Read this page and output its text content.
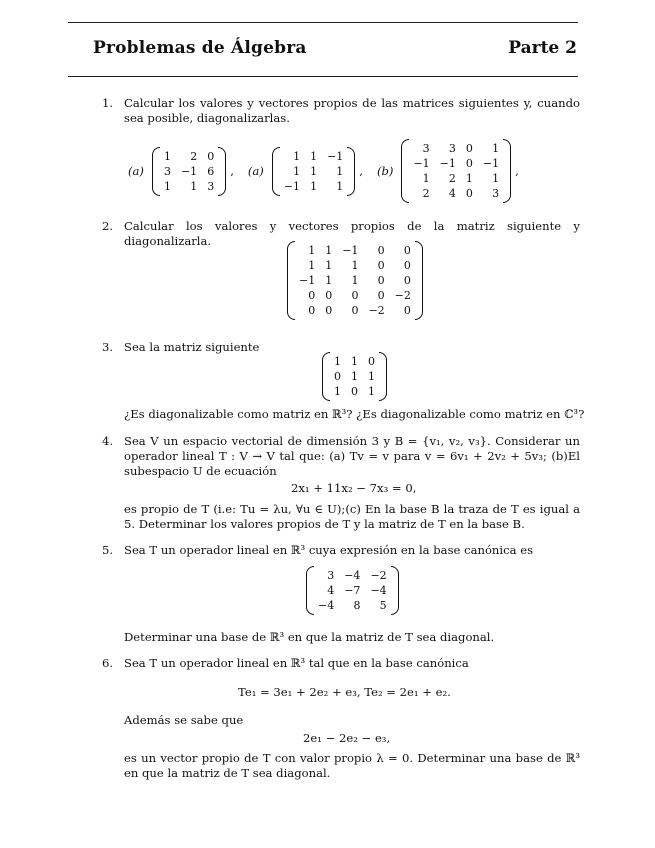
Problemas de Álgebra	Parte 2
1. Calcular los valores y vectores propios de las matrices siguientes y, cuando sea posible, diagonalizarlas.
(a)
1	2 0
3 −1 6
1	1 3
, (a)
1 1 −1
1 1	1
−1 1	1
, (b)
3	3 0	1
−1 −1 0 −1
1	2 1	1
2	4 0	3
,
2. Calcular los valores y vectores propios de la matriz siguiente y diagonalizarla.
1 1 −1	0	0
1 1	1	0	0
−1 1	1	0	0
0 0	0	0 −2
0 0	0 −2	0
3. Sea la matriz siguiente
1 1 0
0 1 1
1 0 1
¿Es diagonalizable como matriz en ℝ³? ¿Es diagonalizable como matriz en ℂ³?
4. Sea V un espacio vectorial de dimensión 3 y B = {v₁, v₂, v₃}. Considerar un operador lineal T : V → V tal que: (a) Tv = v para v = 6v₁ + 2v₂ + 5v₃; (b)El subespacio U de ecuación
2x₁ + 11x₂ − 7x₃ = 0,
es propio de T (i.e: Tu = λu, ∀u ∈ U);(c) En la base B la traza de T es igual a 5. Determinar los valores propios de T y la matriz de T en la base B.
5. Sea T un operador lineal en ℝ³ cuya expresión en la base canónica es
3 −4 −2
4 −7 −4
−4	8	5
Determinar una base de ℝ³ en que la matriz de T sea diagonal.
6. Sea T un operador lineal en ℝ³ tal que en la base canónica
Te₁ = 3e₁ + 2e₂ + e₃, Te₂ = 2e₁ + e₂.
Además se sabe que
2e₁ − 2e₂ − e₃,
es un vector propio de T con valor propio λ = 0. Determinar una base de ℝ³ en que la matriz de T sea diagonal.
